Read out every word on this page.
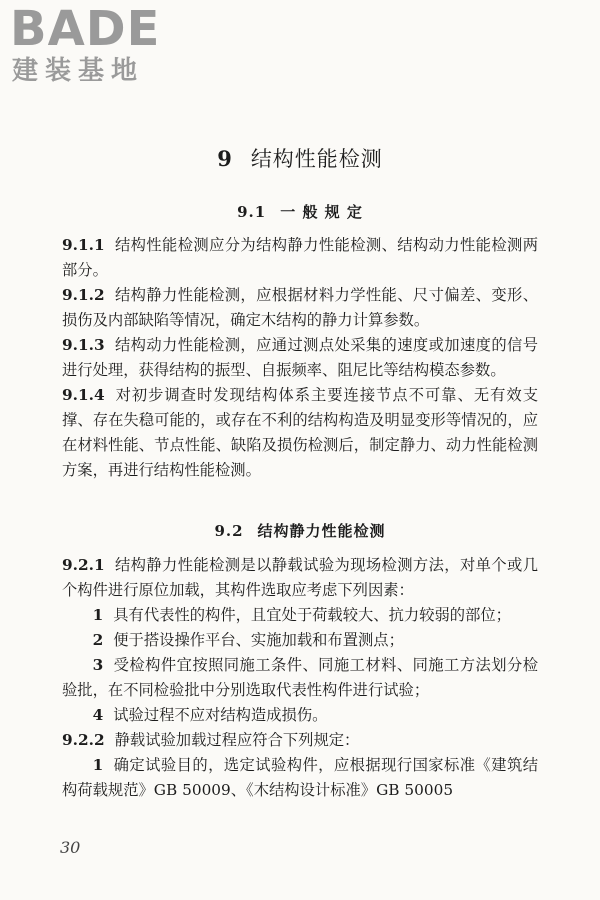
BADE
建装基地
9 结构性能检测
9.1 一 般 规 定

9.1.1 结构性能检测应分为结构静力性能检测、结构动力性能检测两部分。

9.1.2 结构静力性能检测，应根据材料力学性能、尺寸偏差、变形、损伤及内部缺陷等情况，确定木结构的静力计算参数。

9.1.3 结构动力性能检测，应通过测点处采集的速度或加速度的信号进行处理，获得结构的振型、自振频率、阻尼比等结构模态参数。

9.1.4 对初步调查时发现结构体系主要连接节点不可靠、无有效支撑、存在失稳可能的，或存在不利的结构构造及明显变形等情况的，应在材料性能、节点性能、缺陷及损伤检测后，制定静力、动力性能检测方案，再进行结构性能检测。

9.2 结构静力性能检测

9.2.1 结构静力性能检测是以静载试验为现场检测方法，对单个或几个构件进行原位加载，其构件选取应考虑下列因素：

1 具有代表性的构件，且宜处于荷载较大、抗力较弱的部位；

2 便于搭设操作平台、实施加载和布置测点；

3 受检构件宜按照同施工条件、同施工材料、同施工方法划分检验批，在不同检验批中分别选取代表性构件进行试验；

4 试验过程不应对结构造成损伤。

9.2.2 静载试验加载过程应符合下列规定：

1 确定试验目的，选定试验构件，应根据现行国家标准《建筑结构荷载规范》GB 50009、《木结构设计标准》GB 50005

30
